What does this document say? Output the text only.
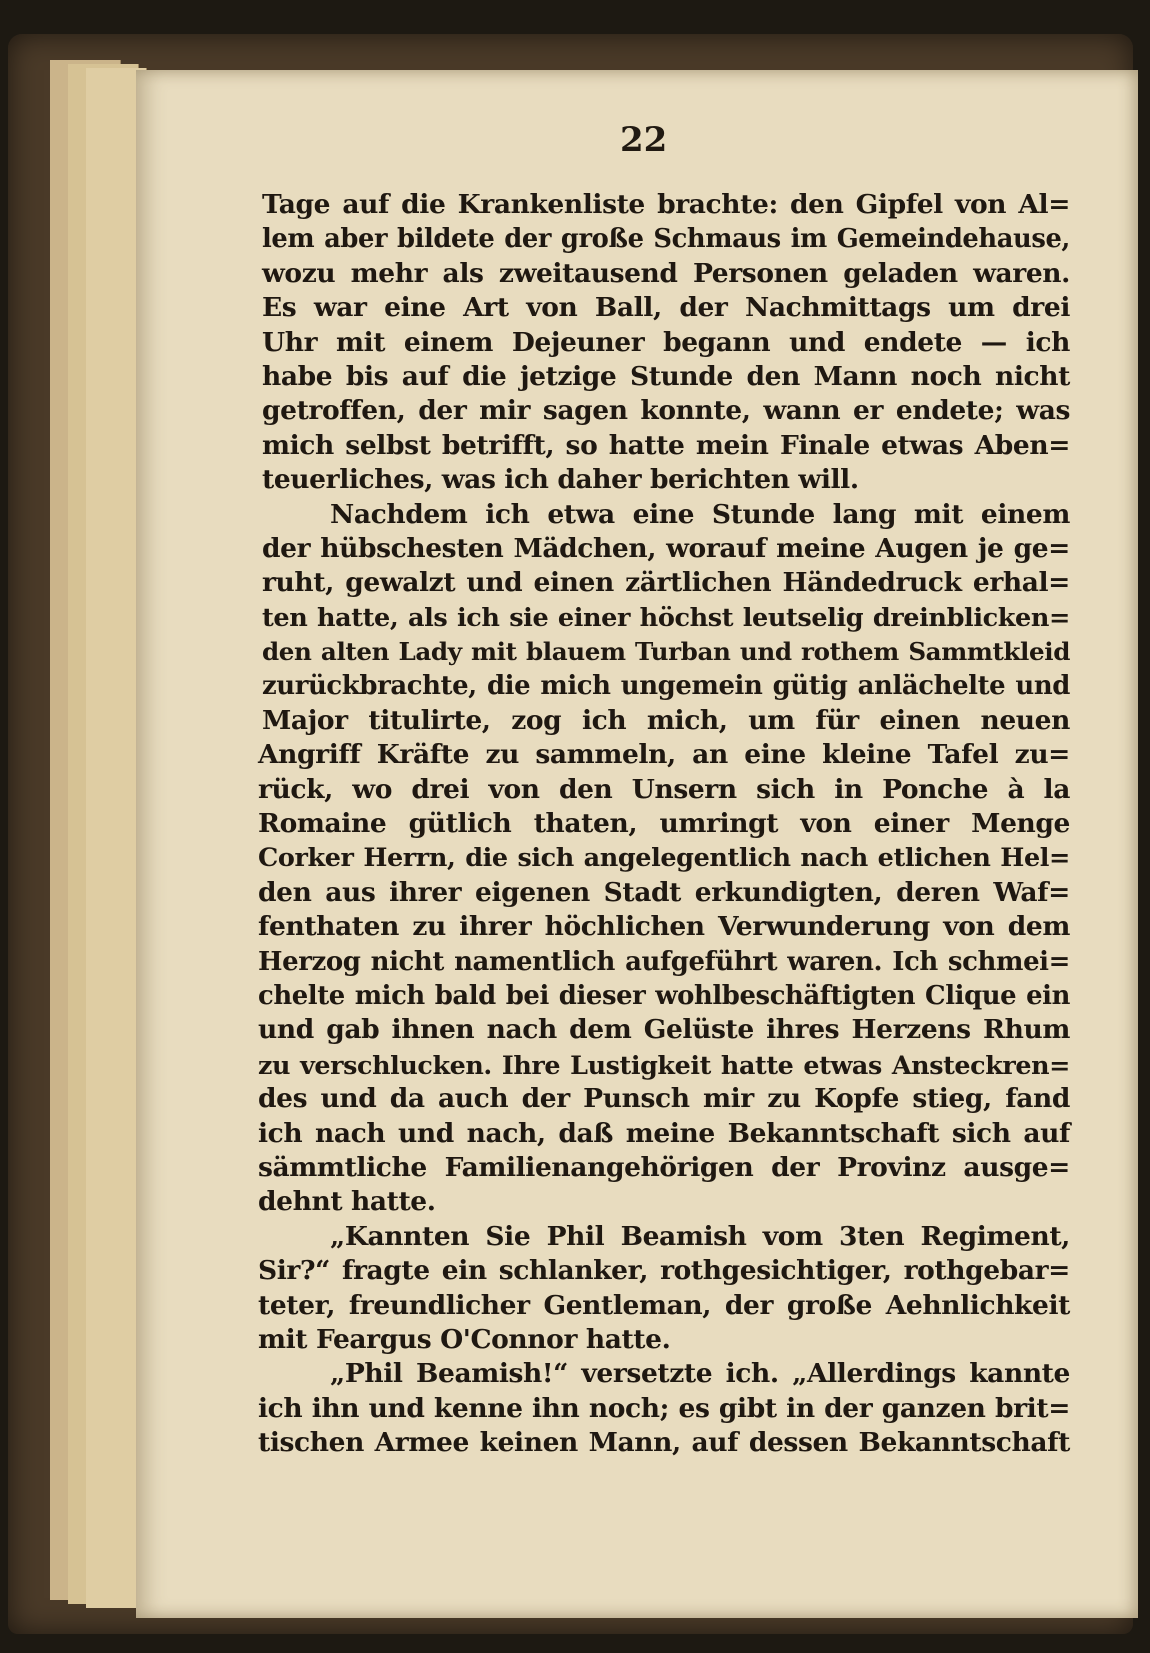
22
Tage auf die Krankenliste brachte: den Gipfel von Al=
lem aber bildete der große Schmaus im Gemeindehause,
wozu mehr als zweitausend Personen geladen waren.
Es war eine Art von Ball, der Nachmittags um drei
Uhr mit einem Dejeuner begann und endete — ich
habe bis auf die jetzige Stunde den Mann noch nicht
getroffen, der mir sagen konnte, wann er endete; was
mich selbst betrifft, so hatte mein Finale etwas Aben=
teuerliches, was ich daher berichten will.
Nachdem ich etwa eine Stunde lang mit einem
der hübschesten Mädchen, worauf meine Augen je ge=
ruht, gewalzt und einen zärtlichen Händedruck erhal=
ten hatte, als ich sie einer höchst leutselig dreinblicken=
den alten Lady mit blauem Turban und rothem Sammtkleid
zurückbrachte, die mich ungemein gütig anlächelte und
Major titulirte, zog ich mich, um für einen neuen
Angriff Kräfte zu sammeln, an eine kleine Tafel zu=
rück, wo drei von den Unsern sich in Ponche à la
Romaine gütlich thaten, umringt von einer Menge
Corker Herrn, die sich angelegentlich nach etlichen Hel=
den aus ihrer eigenen Stadt erkundigten, deren Waf=
fenthaten zu ihrer höchlichen Verwunderung von dem
Herzog nicht namentlich aufgeführt waren. Ich schmei=
chelte mich bald bei dieser wohlbeschäftigten Clique ein
und gab ihnen nach dem Gelüste ihres Herzens Rhum
zu verschlucken. Ihre Lustigkeit hatte etwas Ansteckren=
des und da auch der Punsch mir zu Kopfe stieg, fand
ich nach und nach, daß meine Bekanntschaft sich auf
sämmtliche Familienangehörigen der Provinz ausge=
dehnt hatte.
„Kannten Sie Phil Beamish vom 3ten Regiment,
Sir?“ fragte ein schlanker, rothgesichtiger, rothgebar=
teter, freundlicher Gentleman, der große Aehnlichkeit
mit Feargus O'Connor hatte.
„Phil Beamish!“ versetzte ich. „Allerdings kannte
ich ihn und kenne ihn noch; es gibt in der ganzen brit=
tischen Armee keinen Mann, auf dessen Bekanntschaft
